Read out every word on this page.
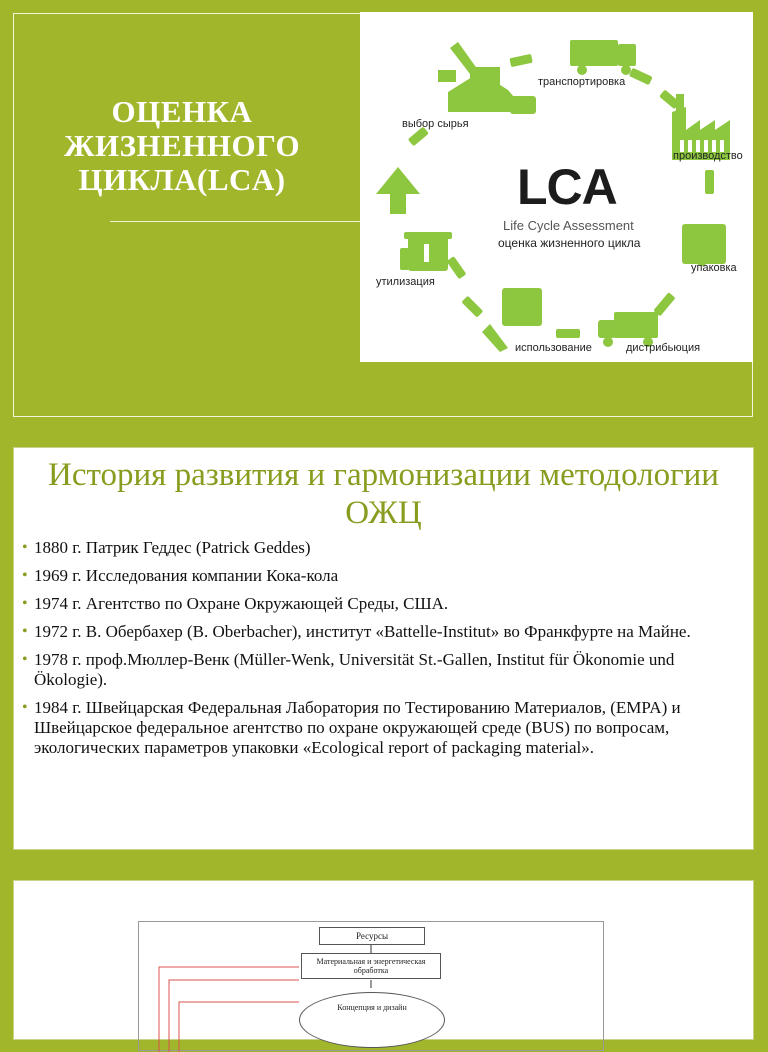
ОЦЕНКА
ЖИЗНЕННОГО
ЦИКЛА(LCA)
выбор сырья
транспортировка
производство
упаковка
дистрибьюция
использование
утилизация
LCA
Life Cycle Assessment
оценка жизненного цикла
История развития и гармонизации методологии ОЖЦ
• 1880 г. Патрик Геддес (Patrick Geddes)
• 1969 г. Исследования компании Кока-кола
• 1974 г. Агентство по Охране Окружающей Среды, США.
• 1972 г. В. Обербахер (B. Oberbacher), институт «Battelle-Institut» во Франкфурте на Майне.
• 1978 г. проф.Мюллер-Венк (Müller-Wenk, Universität St.-Gallen, Institut für Ökonomie und Ökologie).
• 1984 г. Швейцарская Федеральная Лаборатория по Тестированию Материалов, (EMPA) и Швейцарское федеральное агентство по охране окружающей среде (BUS) по вопросам, экологических параметров упаковки «Ecological report of packaging material».
Ресурсы
Материальная и энергетическая обработка
Концепция и дизайн
